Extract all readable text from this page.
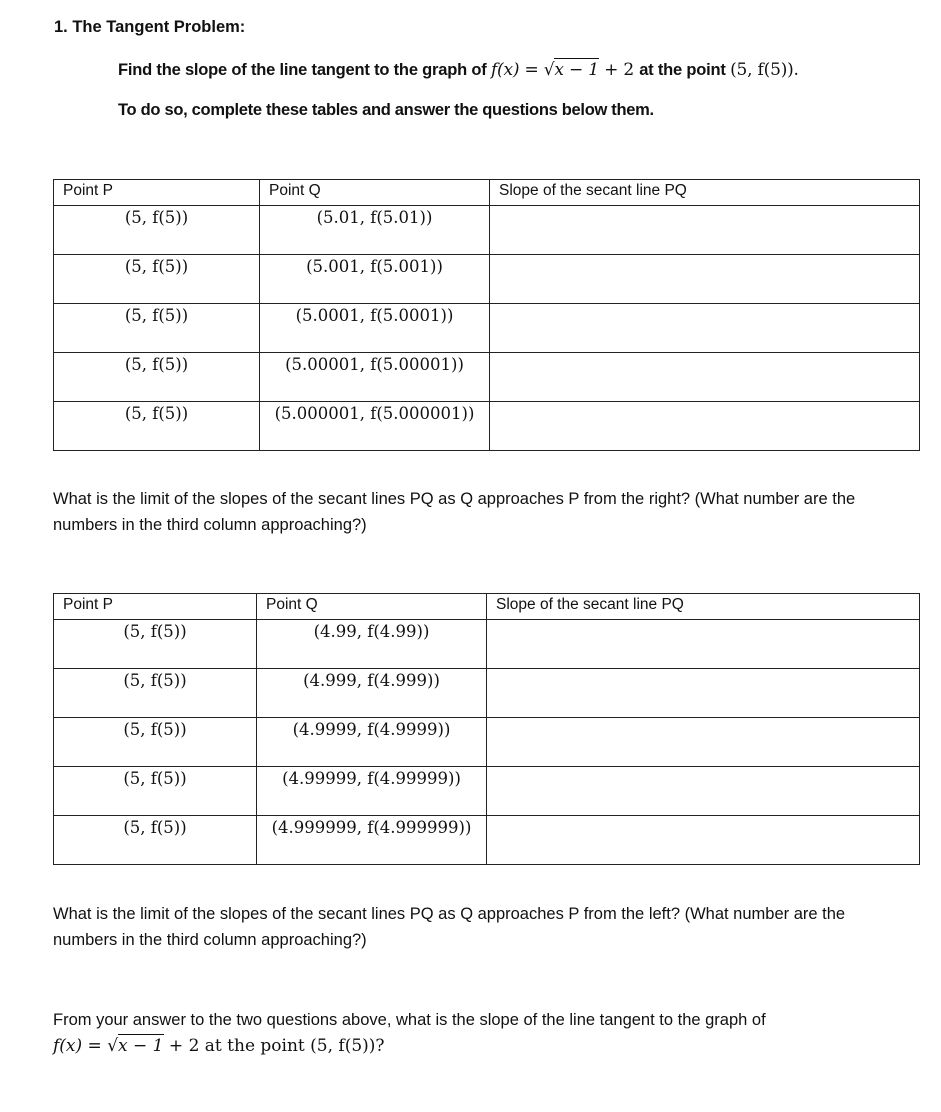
1. The Tangent Problem:
Find the slope of the line tangent to the graph of f(x) = √x − 1 + 2 at the point (5, f(5)).
To do so, complete these tables and answer the questions below them.
Point P	Point Q	Slope of the secant line PQ

(5, f(5))	(5.01, f(5.01))	

(5, f(5))	(5.001, f(5.001))	

(5, f(5))	(5.0001, f(5.0001))	

(5, f(5))	(5.00001, f(5.00001))	

(5, f(5))	(5.000001, f(5.000001))	

What is the limit of the slopes of the secant lines PQ as Q approaches P from the right? (What number are the numbers in the third column approaching?)
Point P	Point Q	Slope of the secant line PQ

(5, f(5))	(4.99, f(4.99))	

(5, f(5))	(4.999, f(4.999))	

(5, f(5))	(4.9999, f(4.9999))	

(5, f(5))	(4.99999, f(4.99999))	

(5, f(5))	(4.999999, f(4.999999))	

What is the limit of the slopes of the secant lines PQ as Q approaches P from the left? (What number are the numbers in the third column approaching?)
From your answer to the two questions above, what is the slope of the line tangent to the graph of
f(x) = √x − 1 + 2 at the point (5, f(5))?
